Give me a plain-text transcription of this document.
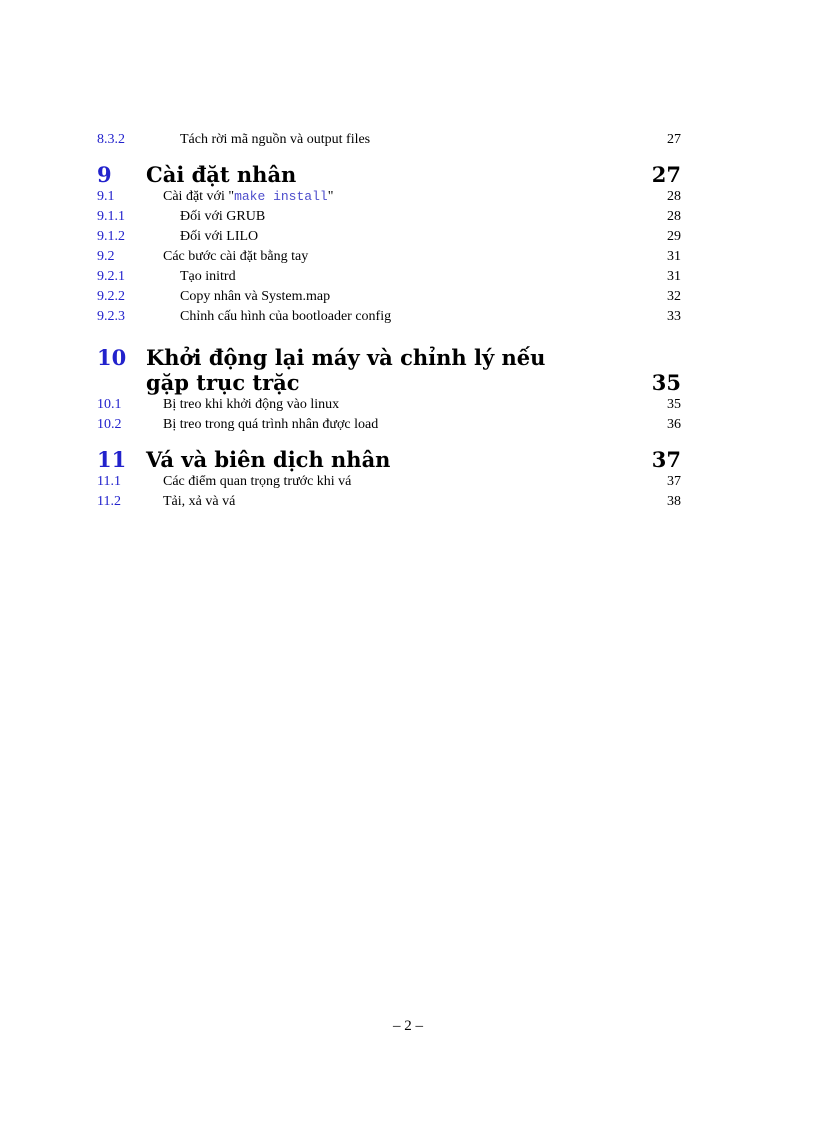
8.3.2	Tách rời mã nguồn và output files	27
9 Cài đặt nhân	27
9.1	Cài đặt với "make install"	28
9.1.1	Đối với GRUB	28
9.1.2	Đối với LILO	29
9.2	Các bước cài đặt bằng tay	31
9.2.1	Tạo initrd	31
9.2.2	Copy nhân và System.map	32
9.2.3	Chỉnh cấu hình của bootloader config	33
10 Khởi động lại máy và chỉnh lý nếu gặp trục trặc	35
10.1	Bị treo khi khởi động vào linux	35
10.2	Bị treo trong quá trình nhân được load	36
11 Vá và biên dịch nhân	37
11.1	Các điểm quan trọng trước khi vá	37
11.2	Tải, xả và vá	38
– 2 –
